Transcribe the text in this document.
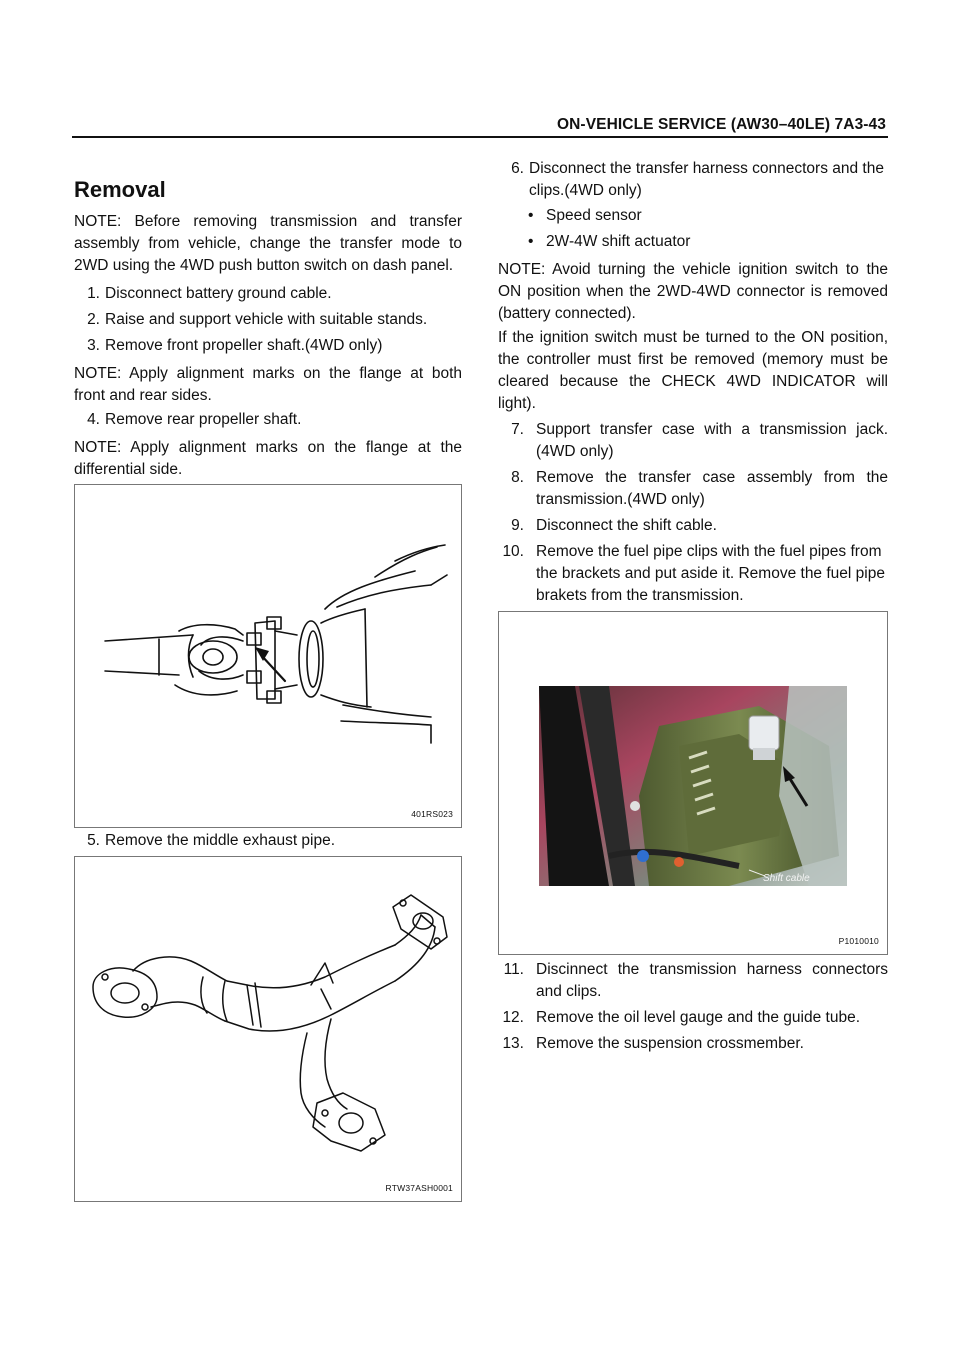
ON-VEHICLE SERVICE (AW30–40LE) 7A3-43
Removal

NOTE: Before removing transmission and transfer assembly from vehicle, change the transfer mode to 2WD using the 4WD push button switch on dash panel.

1. Disconnect battery ground cable.
2. Raise and support vehicle with suitable stands.
3. Remove front propeller shaft.(4WD only)

NOTE: Apply alignment marks on the flange at both front and rear sides.

4. Remove rear propeller shaft.

NOTE: Apply alignment marks on the flange at the differential side.

401RS023
5. Remove the middle exhaust pipe.
RTW37ASH0001
6. Disconnect the transfer harness connectors and the clips.(4WD only)
• Speed sensor
• 2W-4W shift actuator

NOTE: Avoid turning the vehicle ignition switch to the ON position when the 2WD-4WD connector is removed (battery connected).

If the ignition switch must be turned to the ON position, the controller must first be removed (memory must be cleared because the CHECK 4WD INDICATOR will light).

7. Support transfer case with a transmission jack.(4WD only)
8. Remove the transfer case assembly from the transmission.(4WD only)
9. Disconnect the shift cable.
10. Remove the fuel pipe clips with the fuel pipes from the brackets and put aside it. Remove the fuel pipe brakets from the transmission.
Shift cable
P1010010
11. Discinnect the transmission harness connectors and clips.
12. Remove the oil level gauge and the guide tube.
13. Remove the suspension crossmember.
